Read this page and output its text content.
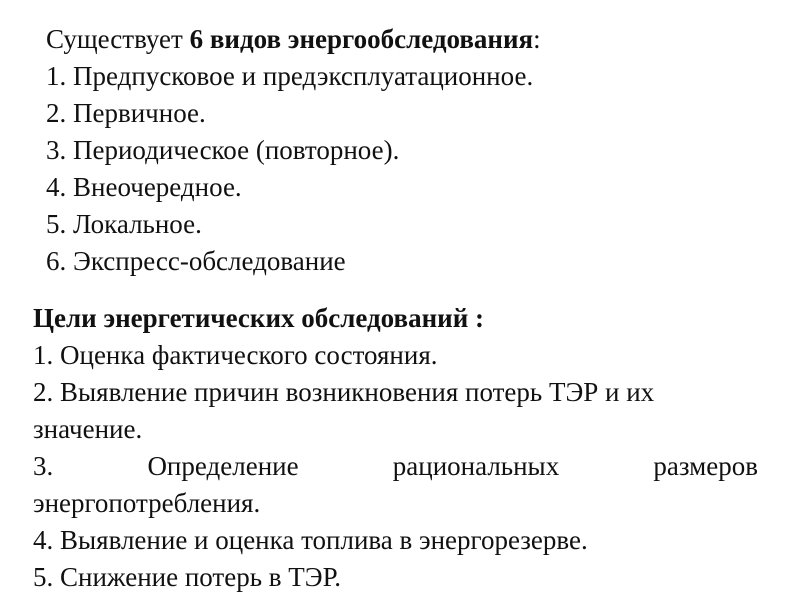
Существует 6 видов энергообследования:
1. Предпусковое и предэксплуатационное.
2. Первичное.
3. Периодическое (повторное).
4. Внеочередное.
5. Локальное.
6. Экспресс-обследование
Цели энергетических обследований :
1. Оценка фактического состояния.
2. Выявление причин возникновения потерь ТЭР и их
значение.
3.	Определение	рациональных	размеров
энергопотребления.
4. Выявление и оценка топлива в энергорезерве.
5. Снижение потерь в ТЭР.
